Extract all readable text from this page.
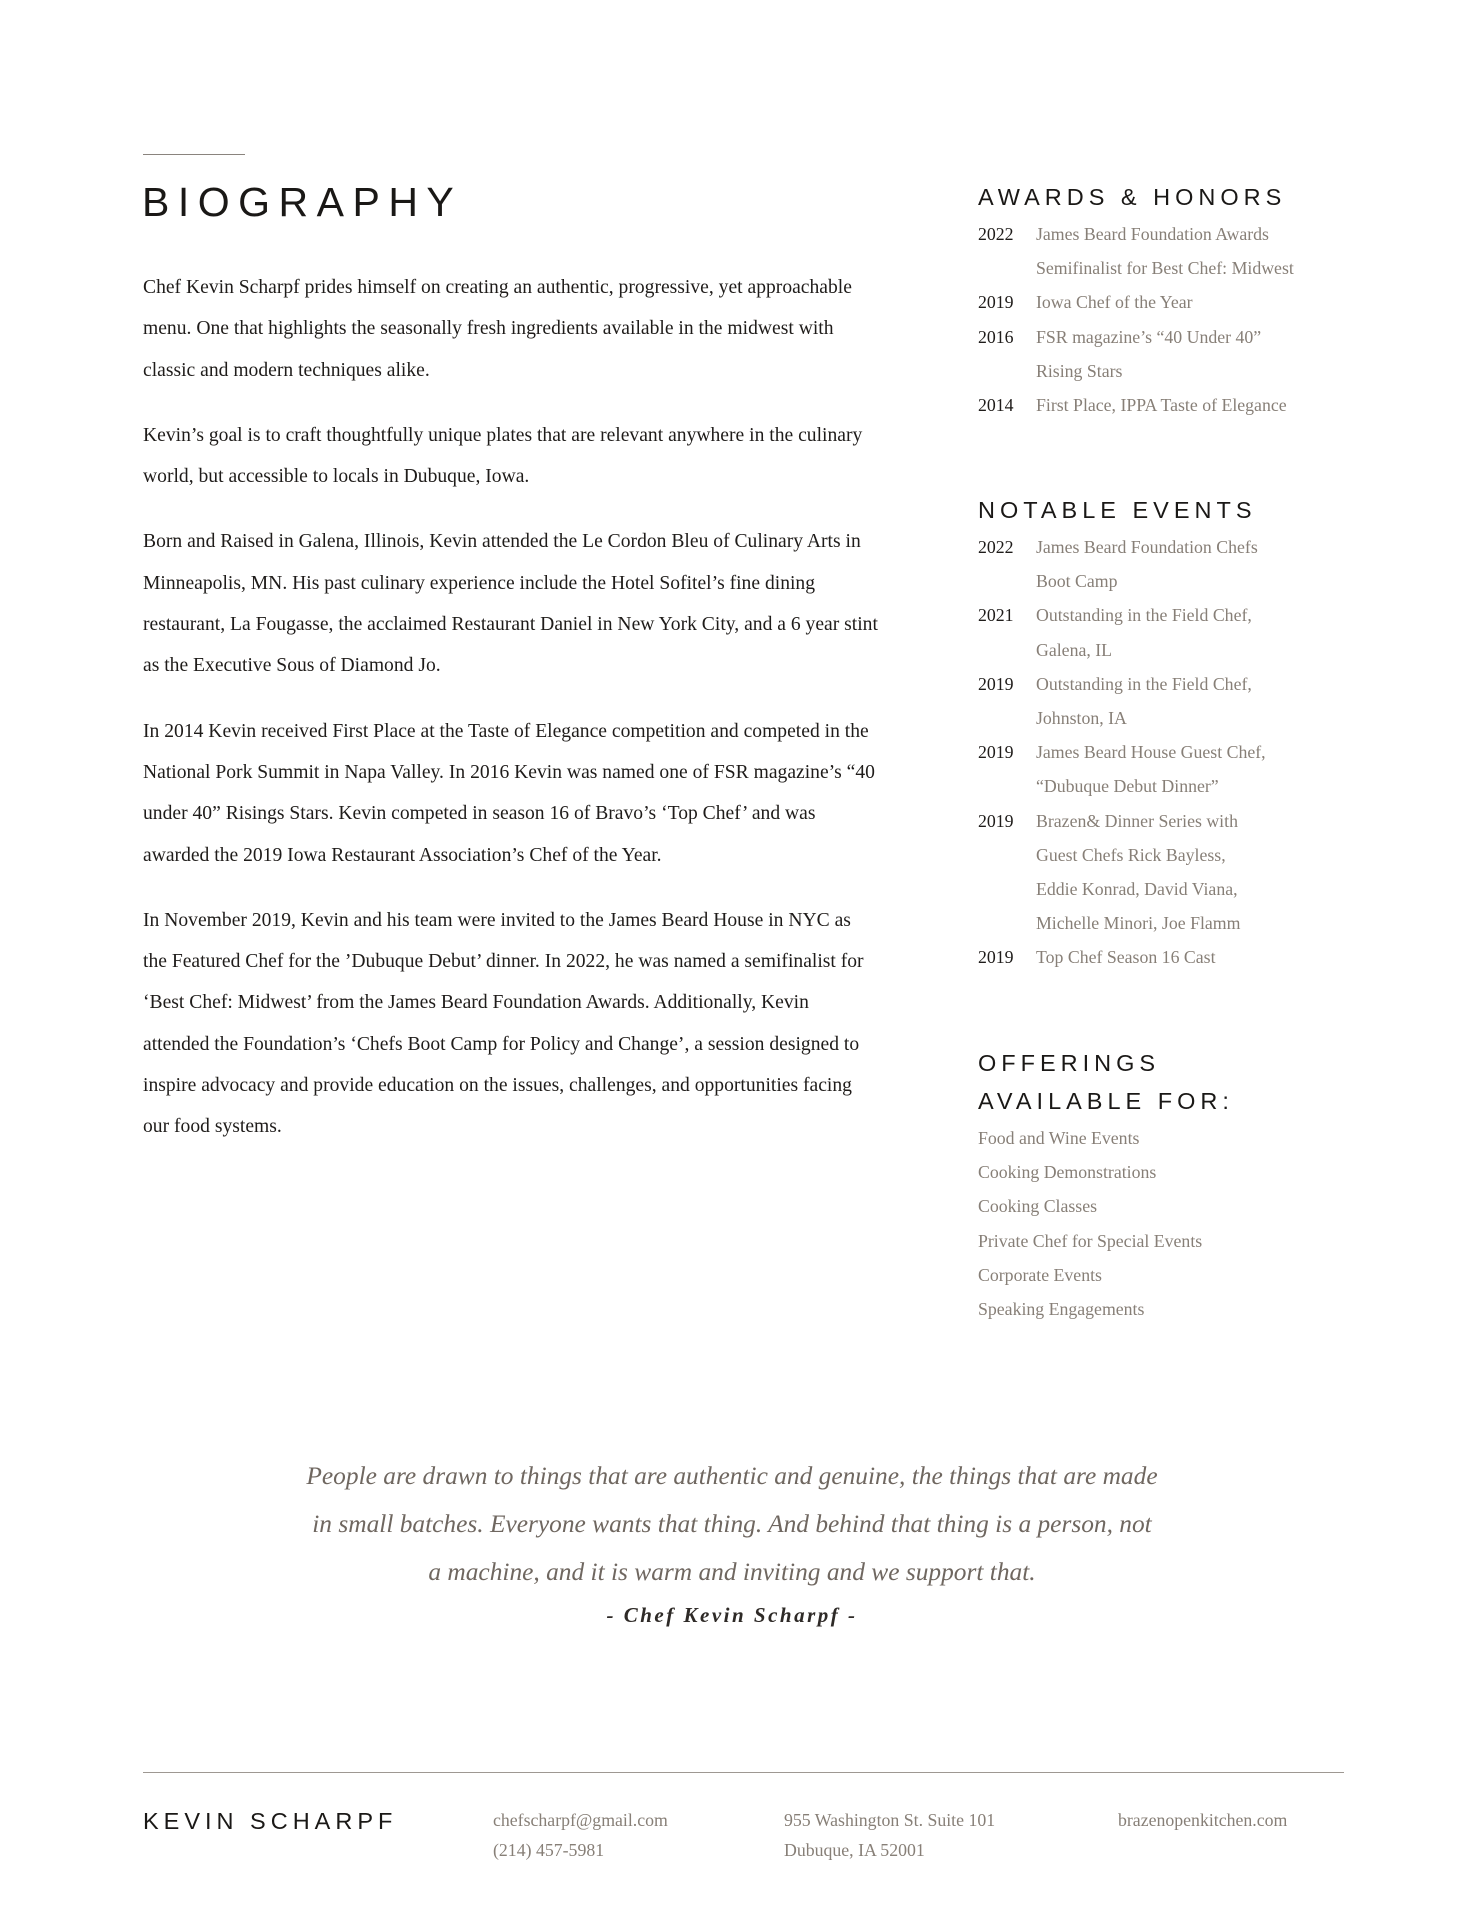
BIOGRAPHY

Chef Kevin Scharpf prides himself on creating an authentic, progressive, yet approachable menu. One that highlights the seasonally fresh ingredients available in the midwest with classic and modern techniques alike.

Kevin’s goal is to craft thoughtfully unique plates that are relevant anywhere in the culinary world, but accessible to locals in Dubuque, Iowa.

Born and Raised in Galena, Illinois, Kevin attended the Le Cordon Bleu of Culinary Arts in Minneapolis, MN. His past culinary experience include the Hotel Sofitel’s fine dining restaurant, La Fougasse, the acclaimed Restaurant Daniel in New York City, and a 6 year stint as the Executive Sous of Diamond Jo.

In 2014 Kevin received First Place at the Taste of Elegance competition and competed in the National Pork Summit in Napa Valley. In 2016 Kevin was named one of FSR magazine’s “40 under 40” Risings Stars. Kevin competed in season 16 of Bravo’s ‘Top Chef’ and was awarded the 2019 Iowa Restaurant Association’s Chef of the Year.

In November 2019, Kevin and his team were invited to the James Beard House in NYC as the Featured Chef for the ’Dubuque Debut’ dinner. In 2022, he was named a semifinalist for ‘Best Chef: Midwest’ from the James Beard Foundation Awards. Additionally, Kevin attended the Foundation’s ‘Chefs Boot Camp for Policy and Change’, a session designed to inspire advocacy and provide education on the issues, challenges, and opportunities facing our food systems.

AWARDS & HONORS
2022	James Beard Foundation Awards
Semifinalist for Best Chef: Midwest
2019	Iowa Chef of the Year
2016	FSR magazine’s “40 Under 40”
Rising Stars
2014	First Place, IPPA Taste of Elegance
NOTABLE EVENTS
2022	James Beard Foundation Chefs
Boot Camp
2021	Outstanding in the Field Chef,
Galena, IL
2019	Outstanding in the Field Chef,
Johnston, IA
2019	James Beard House Guest Chef,
“Dubuque Debut Dinner”
2019	Brazen& Dinner Series with
Guest Chefs Rick Bayless,
Eddie Konrad, David Viana,
Michelle Minori, Joe Flamm
2019	Top Chef Season 16 Cast
OFFERINGS
AVAILABLE FOR:
Food and Wine Events
Cooking Demonstrations
Cooking Classes
Private Chef for Special Events
Corporate Events
Speaking Engagements
People are drawn to things that are authentic and genuine, the things that are made
in small batches. Everyone wants that thing. And behind that thing is a person, not
a machine, and it is warm and inviting and we support that.
- Chef Kevin Scharpf -
KEVIN SCHARPF	chefscharpf@gmail.com
(214) 457-5981
955 Washington St. Suite 101
Dubuque, IA 52001
brazenopenkitchen.com
